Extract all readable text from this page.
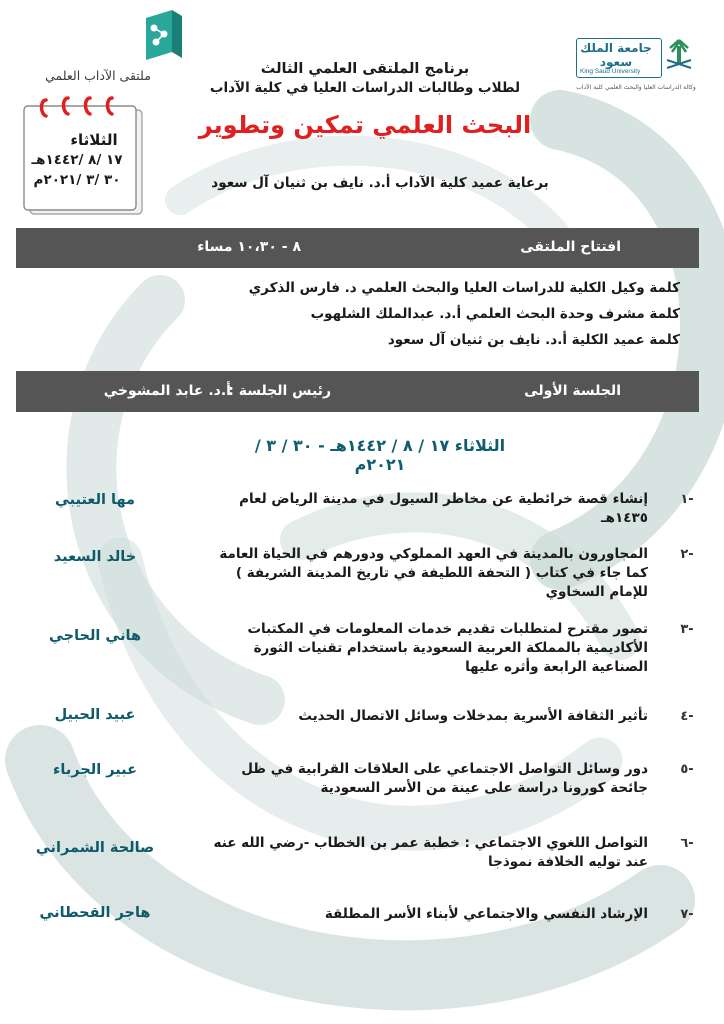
جامعة الملك سعود
King Saud University
وكالة الدراسات العليا والبحث العلمي كلية الآداب
ملتقى الآداب العلمي	برنامج الملتقى العلمي الثالث
لطلاب وطالبات الدراسات العليا في كلية الآداب
البحث العلمي تمكين وتطوير
برعاية عميد كلية الآداب أ.د. نايف بن ثنيان آل سعود
الثلاثاء
١٧ /٨ /١٤٤٢هـ
٣٠ /٣ /٢٠٢١م
افتتاح الملتقى
٨ - ١٠،٣٠ مساء
كلمة وكيل الكلية للدراسات العليا والبحث العلمي د. فارس الذكري
كلمة مشرف وحدة البحث العلمي أ.د. عبدالملك الشلهوب
كلمة عميد الكلية أ.د. نايف بن ثنيان آل سعود
الجلسة الأولى
رئيس الجلسة :
أ.د. عابد المشوخي
الثلاثاء ١٧ / ٨ / ١٤٤٢هـ - ٣٠ / ٣ / ٢٠٢١م
-١
إنشاء قصة خرائطية عن مخاطر السيول في مدينة الرياض لعام ١٤٣٥هـ
مها العتيبي
-٢
المجاورون بالمدينة في العهد المملوكي ودورهم في الحياة العامة كما جاء في كتاب ( التحفة اللطيفة في تاريخ المدينة الشريفة ) للإمام السخاوي
خالد السعيد
-٣
تصور مقترح لمتطلبات تقديم خدمات المعلومات في المكتبات الأكاديمية بالمملكة العربية السعودية باستخدام تقنيات الثورة الصناعية الرابعة وأثره عليها
هاني الحاجي
-٤
تأثير الثقافة الأسرية بمدخلات وسائل الاتصال الحديث
عبيد الحبيل
-٥
دور وسائل التواصل الاجتماعي على العلاقات القرابية في ظل جائحة كورونا دراسة على عينة من الأسر السعودية
عبير الجرباء
-٦
التواصل اللغوي الاجتماعي : خطبة عمر بن الخطاب -رضي الله عنه عند توليه الخلافة نموذجا
صالحة الشمراني
-٧
الإرشاد النفسي والاجتماعي لأبناء الأسر المطلقة
هاجر القحطاني
